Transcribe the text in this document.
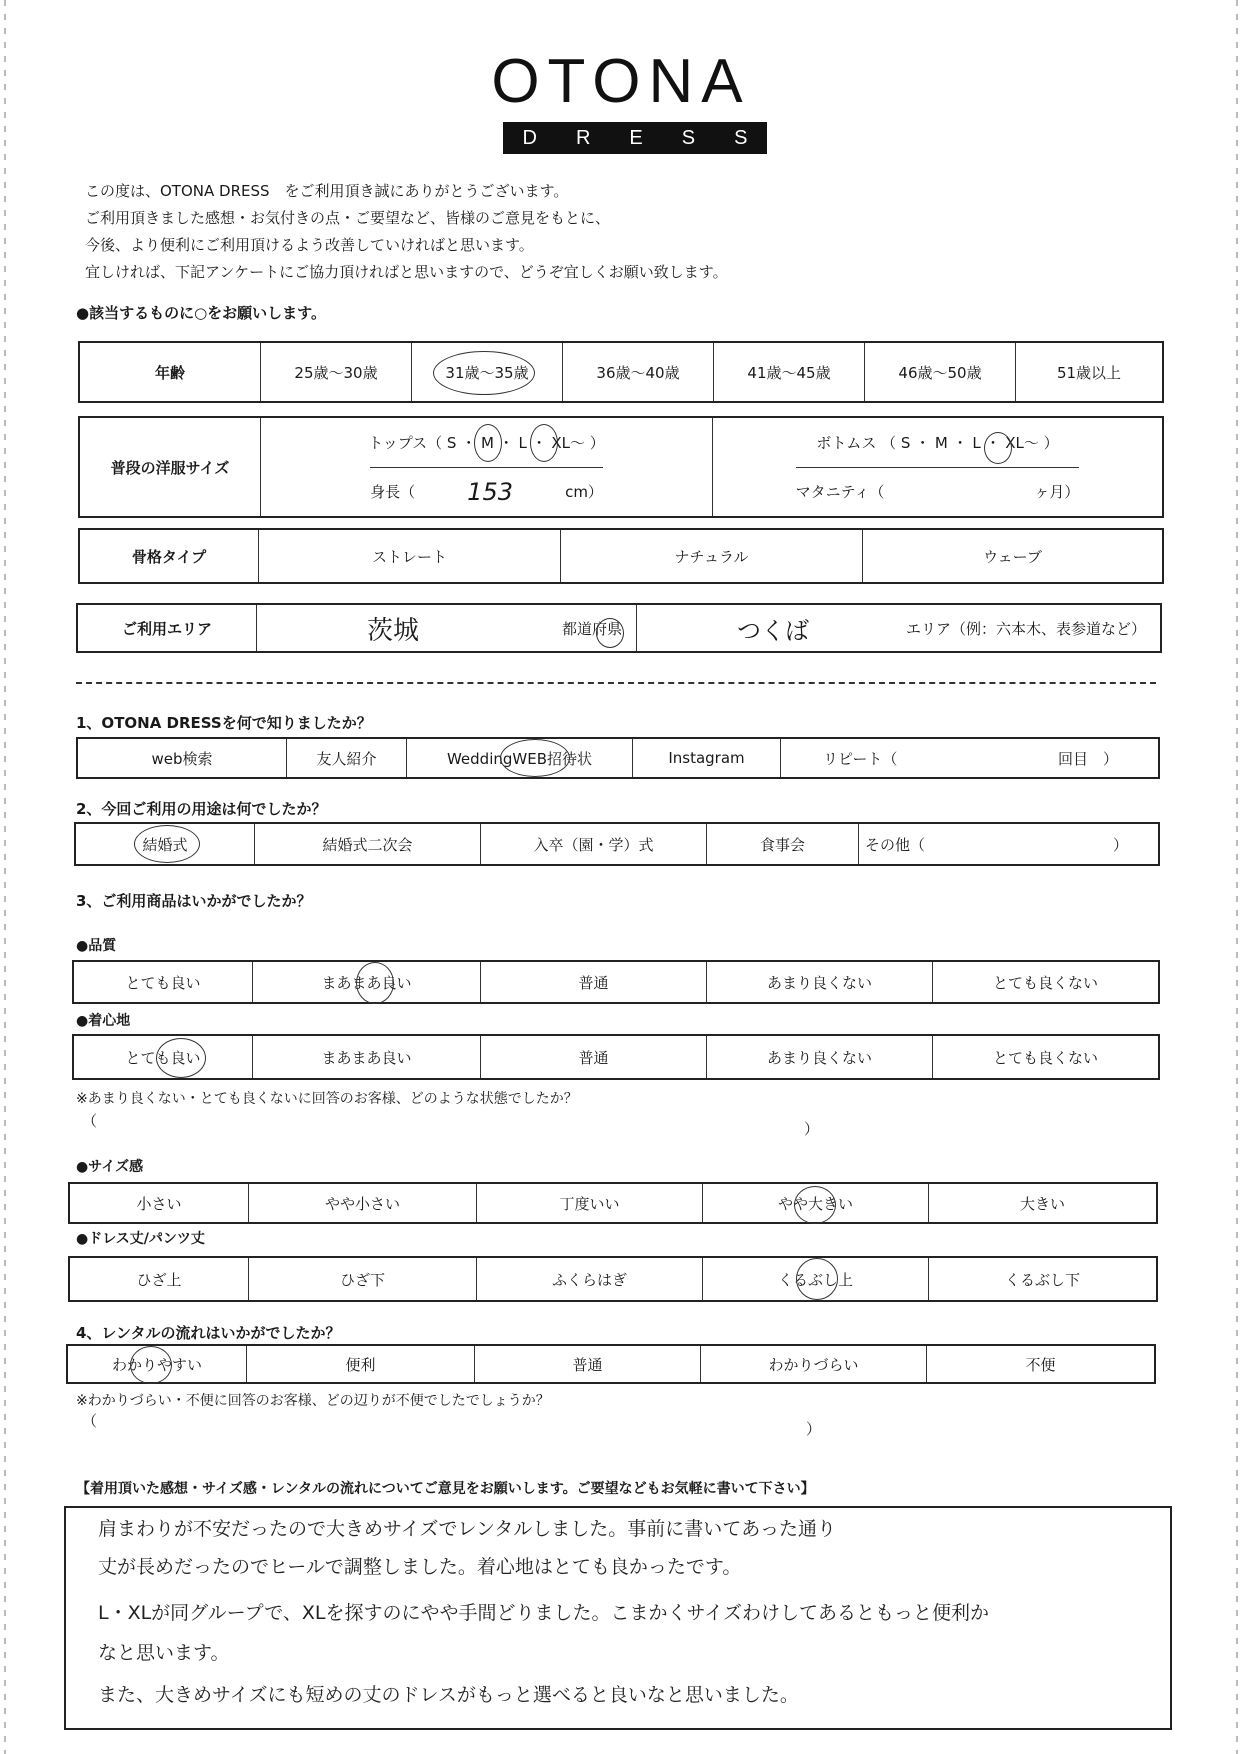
OTONA
D R E S S
この度は、OTONA DRESS　をご利用頂き誠にありがとうございます。
ご利用頂きました感想・お気付きの点・ご要望など、皆様のご意見をもとに、
今後、より便利にご利用頂けるよう改善していければと思います。
宜しければ、下記アンケートにご協力頂ければと思いますので、どうぞ宜しくお願い致します。
●該当するものに○をお願いします。
年齢	25歳～30歳	31歳～35歳	36歳～40歳	41歳～45歳	46歳～50歳	51歳以上
普段の洋服サイズ
トップス（ S ・ M ・ L ・ XL～ ）
身長（	153	cm）
ボトムス （ S ・ M ・ L ・ XL～ ）
マタニティ（	ヶ月）
骨格タイプ	ストレート	ナチュラル	ウェーブ
ご利用エリア	茨城	都道府県	つくば	エリア（例：六本木、表参道など）
1、OTONA DRESSを何で知りましたか？
web検索	友人紹介	WeddingWEB招待状	Instagram	リピート（	回目　）
2、今回ご利用の用途は何でしたか？
結婚式	結婚式二次会	入卒（園・学）式	食事会	その他（	）
3、ご利用商品はいかがでしたか？
●品質
とても良い	まあまあ良い	普通	あまり良くない	とても良くない
●着心地
とても良い	まあまあ良い	普通	あまり良くない	とても良くない
※あまり良くない・とても良くないに回答のお客様、どのような状態でしたか？
（	）
●サイズ感
小さい	やや小さい	丁度いい	やや大きい	大きい
●ドレス丈/パンツ丈
ひざ上	ひざ下	ふくらはぎ	くるぶし上	くるぶし下
4、レンタルの流れはいかがでしたか？
わかりやすい	便利	普通	わかりづらい	不便
※わかりづらい・不便に回答のお客様、どの辺りが不便でしたでしょうか？
（	）
【着用頂いた感想・サイズ感・レンタルの流れについてご意見をお願いします。ご要望などもお気軽に書いて下さい】
肩まわりが不安だったので大きめサイズでレンタルしました。事前に書いてあった通り
丈が長めだったのでヒールで調整しました。着心地はとても良かったです。
L・XLが同グループで、XLを探すのにやや手間どりました。こまかくサイズわけしてあるともっと便利か
なと思います。
また、大きめサイズにも短めの丈のドレスがもっと選べると良いなと思いました。
